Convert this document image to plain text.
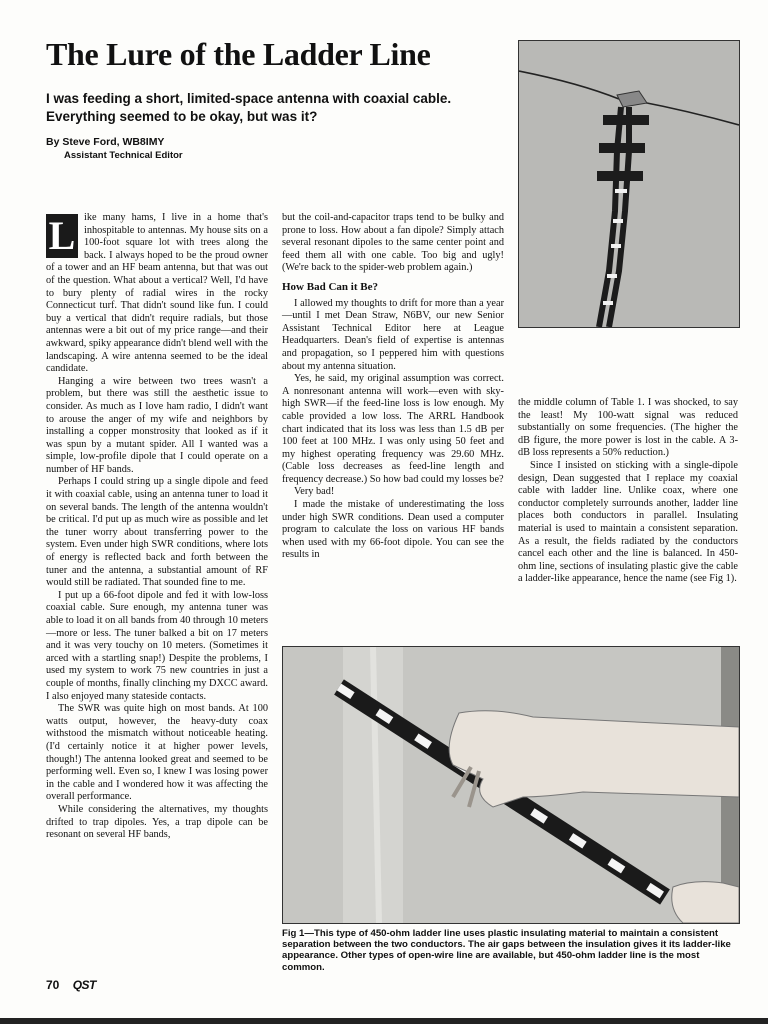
The Lure of the Ladder Line

I was feeding a short, limited-space antenna with coaxial cable. Everything seemed to be okay, but was it?

By Steve Ford, WB8IMY
Assistant Technical Editor

L ike many hams, I live in a home that's inhospitable to antennas. My house sits on a 100-foot square lot with trees along the back. I always hoped to be the proud owner of a tower and an HF beam antenna, but that was out of the question. What about a vertical? Well, I'd have to bury plenty of radial wires in the rocky Connecticut turf. That didn't sound like fun. I could buy a vertical that didn't require radials, but those antennas were a bit out of my price range—and their awkward, spiky appearance didn't blend well with the landscaping. A wire antenna seemed to be the ideal candidate.

Hanging a wire between two trees wasn't a problem, but there was still the aesthetic issue to consider. As much as I love ham radio, I didn't want to arouse the anger of my wife and neighbors by installing a copper monstrosity that looked as if it was spun by a mutant spider. All I wanted was a simple, low-profile dipole that I could operate on a number of HF bands.

Perhaps I could string up a single dipole and feed it with coaxial cable, using an antenna tuner to load it on several bands. The length of the antenna wouldn't be critical. I'd put up as much wire as possible and let the tuner worry about transferring power to the system. Even under high SWR conditions, where lots of energy is reflected back and forth between the tuner and the antenna, a substantial amount of RF would still be radiated. That sounded fine to me.

I put up a 66-foot dipole and fed it with low-loss coaxial cable. Sure enough, my antenna tuner was able to load it on all bands from 40 through 10 meters—more or less. The tuner balked a bit on 17 meters and it was very touchy on 10 meters. (Sometimes it arced with a startling snap!) Despite the problems, I used my system to work 75 new countries in just a couple of months, finally clinching my DXCC award. I also enjoyed many stateside contacts.

The SWR was quite high on most bands. At 100 watts output, however, the heavy-duty coax withstood the mismatch without noticeable heating. (I'd certainly notice it at higher power levels, though!) The antenna looked great and seemed to be performing well. Even so, I knew I was losing power in the cable and I wondered how it was affecting the overall performance.

While considering the alternatives, my thoughts drifted to trap dipoles. Yes, a trap dipole can be resonant on several HF bands,

but the coil-and-capacitor traps tend to be bulky and prone to loss. How about a fan dipole? Simply attach several resonant dipoles to the same center point and feed them all with one cable. Too big and ugly! (We're back to the spider-web problem again.)

How Bad Can it Be?

I allowed my thoughts to drift for more than a year—until I met Dean Straw, N6BV, our new Senior Assistant Technical Editor here at League Headquarters. Dean's field of expertise is antennas and propagation, so I peppered him with questions about my antenna situation.

Yes, he said, my original assumption was correct. A nonresonant antenna will work—even with sky-high SWR—if the feed-line loss is low enough. My cable provided a low loss. The ARRL Handbook chart indicated that its loss was less than 1.5 dB per 100 feet at 100 MHz. I was only using 50 feet and my highest operating frequency was 29.60 MHz. (Cable loss decreases as feed-line length and frequency decrease.) So how bad could my losses be?

Very bad!

I made the mistake of underestimating the loss under high SWR conditions. Dean used a computer program to calculate the loss on various HF bands when used with my 66-foot dipole. You can see the results in

the middle column of Table 1. I was shocked, to say the least! My 100-watt signal was reduced substantially on some frequencies. (The higher the dB figure, the more power is lost in the cable. A 3-dB loss represents a 50% reduction.)

Since I insisted on sticking with a single-dipole design, Dean suggested that I replace my coaxial cable with ladder line. Unlike coax, where one conductor completely surrounds another, ladder line places both conductors in parallel. Insulating material is used to maintain a consistent separation. As a result, the fields radiated by the conductors cancel each other and the line is balanced. In 450-ohm line, sections of insulating plastic give the cable a ladder-like appearance, hence the name (see Fig 1).

Fig 1—This type of 450-ohm ladder line uses plastic insulating material to maintain a consistent separation between the two conductors. The air gaps between the insulation gives it its ladder-like appearance. Other types of open-wire line are available, but 450-ohm ladder line is the most common.
70 QST
